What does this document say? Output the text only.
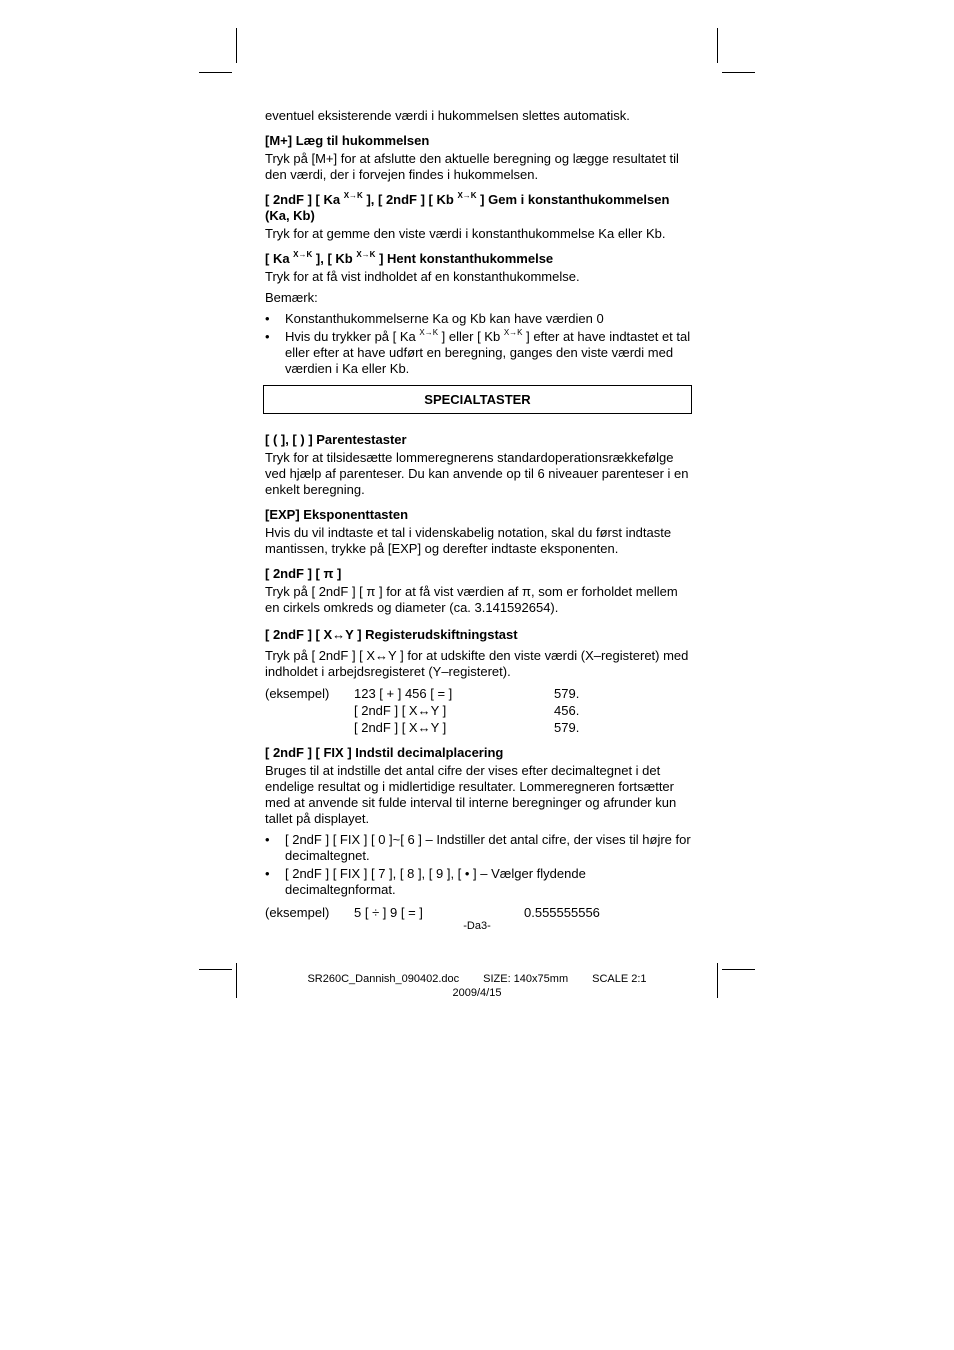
eventuel eksisterende værdi i hukommelsen slettes automatisk.

[M+] Læg til hukommelsen

Tryk på [M+] for at afslutte den aktuelle beregning og lægge resultatet til den værdi, der i forvejen findes i hukommelsen.

[ 2ndF ] [ Ka $^{X\to K}$ ], [ 2ndF ] [ Kb $^{X\to K}$ ] Gem i konstanthukommelsen (Ka, Kb)

Tryk for at gemme den viste værdi i konstanthukommelse Ka eller Kb.

[ Ka $^{X\to K}$ ], [ Kb $^{X\to K}$ ] Hent konstanthukommelse

Tryk for at få vist indholdet af en konstanthukommelse.

Bemærk:

• Konstanthukommelserne Ka og Kb kan have værdien 0
• Hvis du trykker på [ Ka $^{X\to K}$ ] eller [ Kb $^{X\to K}$ ] efter at have indtastet et tal eller efter at have udført en beregning, ganges den viste værdi med værdien i Ka eller Kb.
SPECIALTASTER
[ ( ], [ ) ] Parentestaster

Tryk for at tilsidesætte lommeregnerens standardoperationsrækkefølge ved hjælp af parenteser. Du kan anvende op til 6 niveauer parenteser i en enkelt beregning.

[EXP] Eksponenttasten

Hvis du vil indtaste et tal i videnskabelig notation, skal du først indtaste mantissen, trykke på [EXP] og derefter indtaste eksponenten.

[ 2ndF ] [ π ]

Tryk på [ 2ndF ] [ π ] for at få vist værdien af π, som er forholdet mellem en cirkels omkreds og diameter (ca. 3.141592654).

[ 2ndF ] [ X↔Y ] Registerudskiftningstast

Tryk på [ 2ndF ] [ X↔Y ] for at udskifte den viste værdi (X–registeret) med indholdet i arbejdsregisteret (Y–registeret).

(eksempel)	123 [ + ] 456 [ = ]	579.
[ 2ndF ] [ X↔Y ]	456.
[ 2ndF ] [ X↔Y ]	579.
[ 2ndF ] [ FIX ] Indstil decimalplacering

Bruges til at indstille det antal cifre der vises efter decimaltegnet i det endelige resultat og i midlertidige resultater. Lommeregneren fortsætter med at anvende sit fulde interval til interne beregninger og afrunder kun tallet på displayet.

• [ 2ndF ] [ FIX ] [ 0 ]~[ 6 ] – Indstiller det antal cifre, der vises til højre for decimaltegnet.
• [ 2ndF ] [ FIX ] [ 7 ], [ 8 ], [ 9 ], [ • ] – Vælger flydende decimaltegnformat.
(eksempel)	5 [ ÷ ] 9 [ = ]	0.555555556
-Da3-
SR260C_Dannish_090402.doc SIZE: 140x75mm SCALE 2:1
2009/4/15
